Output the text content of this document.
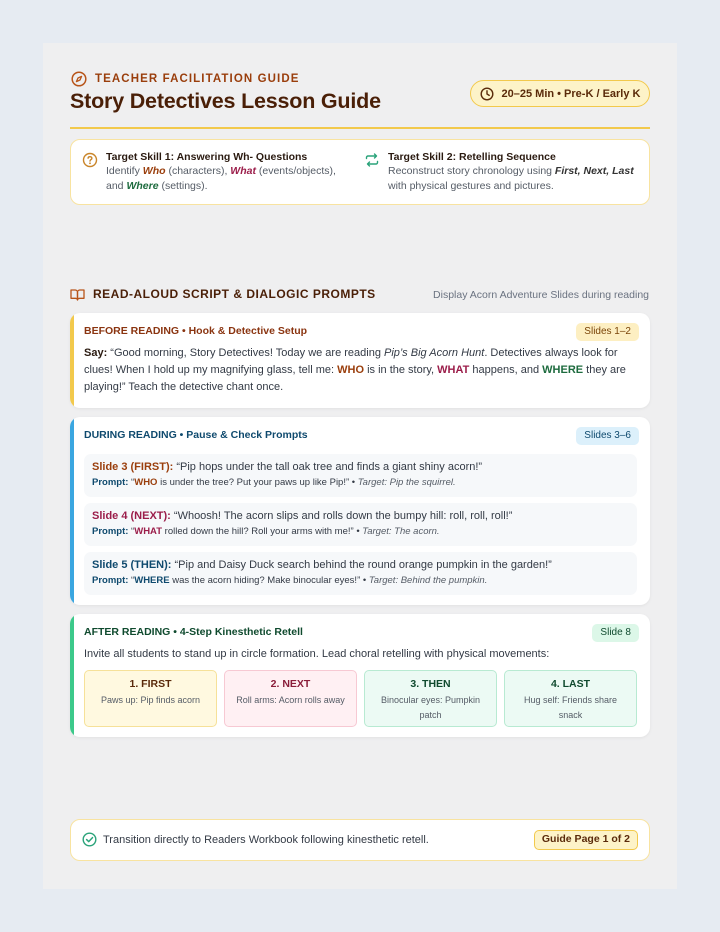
TEACHER FACILITATION GUIDE
Story Detectives Lesson Guide	20–25 Min • Pre-K / Early K
Target Skill 1: Answering Wh- Questions
Identify Who (characters), What (events/objects), and Where (settings).
Target Skill 2: Retelling Sequence
Reconstruct story chronology using First, Next, Last with physical gestures and pictures.
READ-ALOUD SCRIPT & DIALOGIC PROMPTS	Display Acorn Adventure Slides during reading
BEFORE READING • Hook & Detective Setup	Slides 1–2
Say: “Good morning, Story Detectives! Today we are reading Pip’s Big Acorn Hunt. Detectives always look for clues! When I hold up my magnifying glass, tell me: WHO is in the story, WHAT happens, and WHERE they are playing!” Teach the detective chant once.
DURING READING • Pause & Check Prompts	Slides 3–6
Slide 3 (FIRST): “Pip hops under the tall oak tree and finds a giant shiny acorn!”
Prompt: “WHO is under the tree? Put your paws up like Pip!” • Target: Pip the squirrel.
Slide 4 (NEXT): “Whoosh! The acorn slips and rolls down the bumpy hill: roll, roll, roll!”
Prompt: “WHAT rolled down the hill? Roll your arms with me!” • Target: The acorn.
Slide 5 (THEN): “Pip and Daisy Duck search behind the round orange pumpkin in the garden!”
Prompt: “WHERE was the acorn hiding? Make binocular eyes!” • Target: Behind the pumpkin.
AFTER READING • 4-Step Kinesthetic Retell	Slide 8
Invite all students to stand up in circle formation. Lead choral retelling with physical movements:
1. FIRST
Paws up: Pip finds acorn
2. NEXT
Roll arms: Acorn rolls away
3. THEN
Binocular eyes: Pumpkin patch
4. LAST
Hug self: Friends share snack
Transition directly to Readers Workbook following kinesthetic retell.	Guide Page 1 of 2
